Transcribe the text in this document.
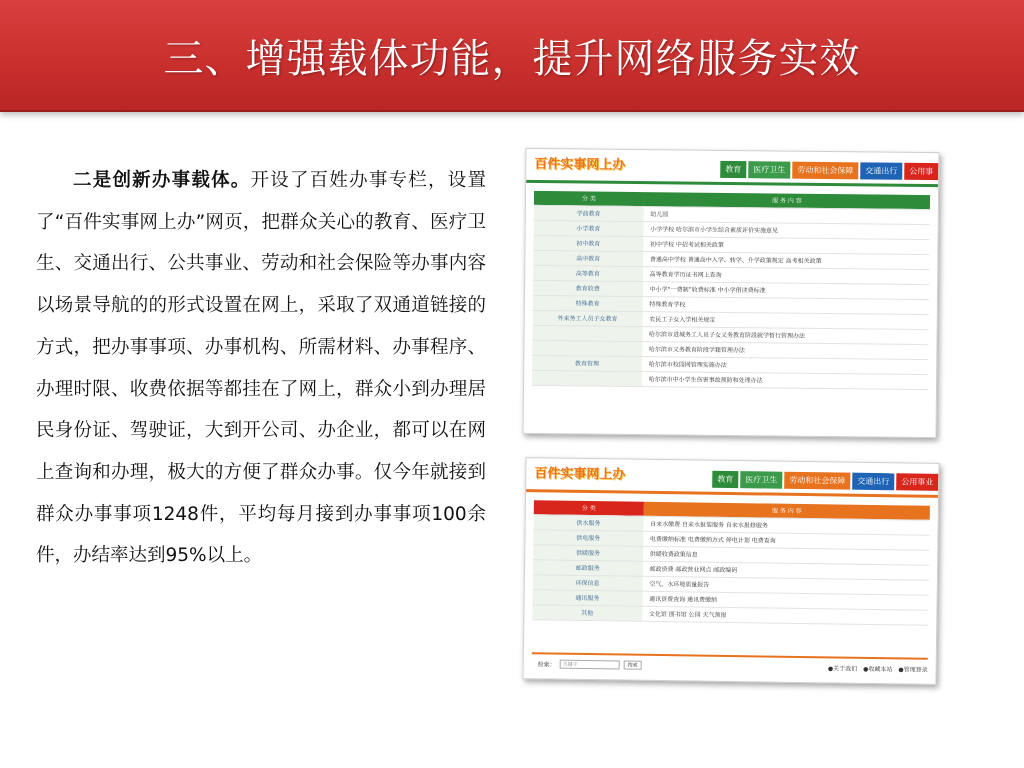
三、增强载体功能，提升网络服务实效
二是创新办事载体。开设了百姓办事专栏，设置了“百件实事网上办”网页，把群众关心的教育、医疗卫生、交通出行、公共事业、劳动和社会保险等办事内容以场景导航的的形式设置在网上，采取了双通道链接的方式，把办事事项、办事机构、所需材料、办事程序、办理时限、收费依据等都挂在了网上，群众小到办理居民身份证、驾驶证，大到开公司、办企业，都可以在网上查询和办理，极大的方便了群众办事。仅今年就接到群众办事事项1248件，平均每月接到办事事项100余件，办结率达到95%以上。
百件实事网上办	教育	医疗卫生	劳动和社会保障	交通出行	公用事
分 类	服 务 内 容
学前教育	幼儿园
小学教育	小学学校 哈尔滨市小学生综合素质评价实施意见
初中教育	初中学校 中招考试相关政策
高中教育	普通高中学校 普通高中入学、转学、升学政策规定 高考相关政策
高等教育	高等教育学历证书网上查询
教育收费	中小学“一费制”收费标准 中小学借读费标准
特殊教育	特殊教育学校
外来务工人员子女教育	农民工子女入学相关规定
	哈尔滨市进城务工人员子女义务教育阶段就学暂行管理办法
	哈尔滨市义务教育阶段学籍管理办法
教育管理	哈尔滨市校园网管理实施办法
	哈尔滨市中小学生伤害事故预防和处理办法
百件实事网上办	教育	医疗卫生	劳动和社会保障	交通出行	公用事业
分 类	服 务 内 容
供水服务	自来水缴费 自来水报装服务 自来水报修服务
供电服务	电费缴纳标准 电费缴纳方式 停电计划 电费查询
供暖服务	供暖收费政策信息
邮政服务	邮政资费 邮政营业网点 邮政编码
环保信息	空气、水环境质量报告
通讯服务	通讯资费查询 通讯费缴纳
其他	文化馆 图书馆 公园 天气预报
检索：	关键字	搜索	●关于我们 ●收藏本站 ●管理登录
